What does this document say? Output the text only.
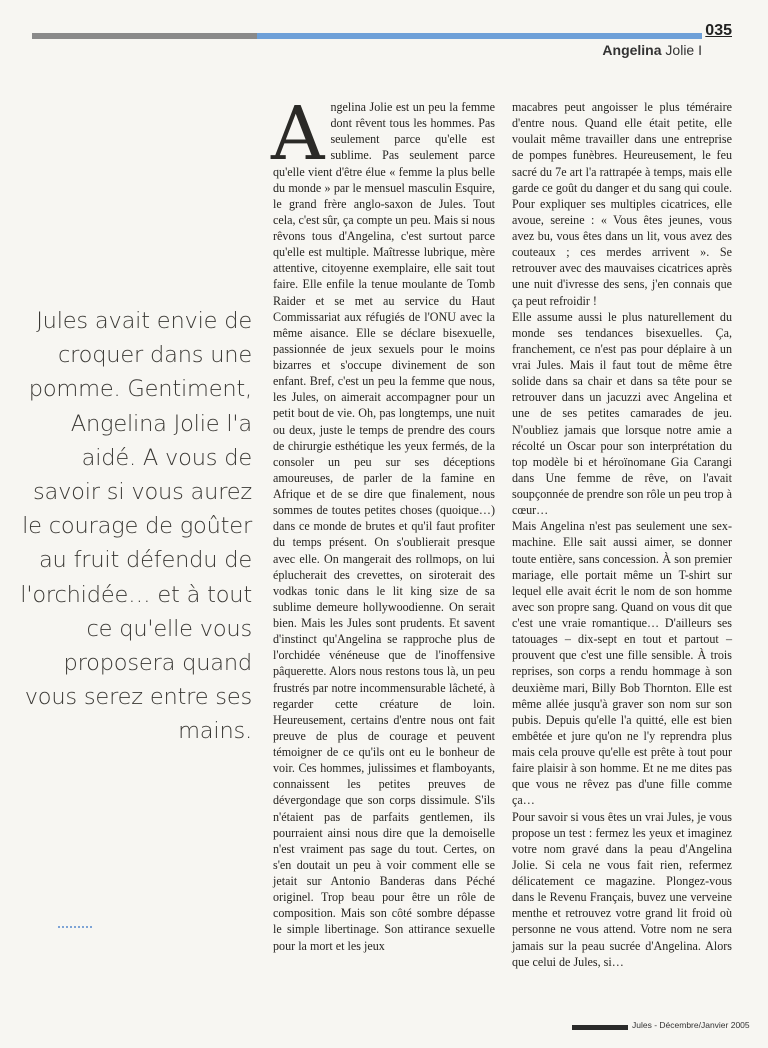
035
Angelina Jolie I
Jules avait envie de croquer dans une pomme. Gentiment, Angelina Jolie l'a aidé. A vous de savoir si vous aurez le courage de goûter au fruit défendu de l'orchidée… et à tout ce qu'elle vous proposera quand vous serez entre ses mains.
A ngelina Jolie est un peu la femme dont rêvent tous les hommes. Pas seulement parce qu'elle est sublime. Pas seulement parce qu'elle vient d'être élue « femme la plus belle du monde » par le mensuel masculin Esquire, le grand frère anglo-saxon de Jules. Tout cela, c'est sûr, ça compte un peu. Mais si nous rêvons tous d'Angelina, c'est surtout parce qu'elle est multiple. Maîtresse lubrique, mère attentive, citoyenne exemplaire, elle sait tout faire. Elle enfile la tenue moulante de Tomb Raider et se met au service du Haut Commissariat aux réfugiés de l'ONU avec la même aisance. Elle se déclare bisexuelle, passionnée de jeux sexuels pour le moins bizarres et s'occupe divinement de son enfant. Bref, c'est un peu la femme que nous, les Jules, on aimerait accompagner pour un petit bout de vie. Oh, pas longtemps, une nuit ou deux, juste le temps de prendre des cours de chirurgie esthétique les yeux fermés, de la consoler un peu sur ses déceptions amoureuses, de parler de la famine en Afrique et de se dire que finalement, nous sommes de toutes petites choses (quoique…) dans ce monde de brutes et qu'il faut profiter du temps présent. On s'oublierait presque avec elle. On mangerait des rollmops, on lui éplucherait des crevettes, on siroterait des vodkas tonic dans le lit king size de sa sublime demeure hollywoodienne. On serait bien. Mais les Jules sont prudents. Et savent d'instinct qu'Angelina se rapproche plus de l'orchidée vénéneuse que de l'inoffensive pâquerette. Alors nous restons tous là, un peu frustrés par notre incommensurable lâcheté, à regarder cette créature de loin. Heureusement, certains d'entre nous ont fait preuve de plus de courage et peuvent témoigner de ce qu'ils ont eu le bonheur de voir. Ces hommes, julissimes et flamboyants, connaissent les petites preuves de dévergondage que son corps dissimule. S'ils n'étaient pas de parfaits gentlemen, ils pourraient ainsi nous dire que la demoiselle n'est vraiment pas sage du tout. Certes, on s'en doutait un peu à voir comment elle se jetait sur Antonio Banderas dans Péché originel. Trop beau pour être un rôle de composition. Mais son côté sombre dépasse le simple libertinage. Son attirance sexuelle pour la mort et les jeux

macabres peut angoisser le plus téméraire d'entre nous. Quand elle était petite, elle voulait même travailler dans une entreprise de pompes funèbres. Heureusement, le feu sacré du 7e art l'a rattrapée à temps, mais elle garde ce goût du danger et du sang qui coule. Pour expliquer ses multiples cicatrices, elle avoue, sereine : « Vous êtes jeunes, vous avez bu, vous êtes dans un lit, vous avez des couteaux ; ces merdes arrivent ». Se retrouver avec des mauvaises cicatrices après une nuit d'ivresse des sens, j'en connais que ça peut refroidir !

Elle assume aussi le plus naturellement du monde ses tendances bisexuelles. Ça, franchement, ce n'est pas pour déplaire à un vrai Jules. Mais il faut tout de même être solide dans sa chair et dans sa tête pour se retrouver dans un jacuzzi avec Angelina et une de ses petites camarades de jeu. N'oubliez jamais que lorsque notre amie a récolté un Oscar pour son interprétation du top modèle bi et héroïnomane Gia Carangi dans Une femme de rêve, on l'avait soupçonnée de prendre son rôle un peu trop à cœur…

Mais Angelina n'est pas seulement une sex-machine. Elle sait aussi aimer, se donner toute entière, sans concession. À son premier mariage, elle portait même un T-shirt sur lequel elle avait écrit le nom de son homme avec son propre sang. Quand on vous dit que c'est une vraie romantique… D'ailleurs ses tatouages – dix-sept en tout et partout – prouvent que c'est une fille sensible. À trois reprises, son corps a rendu hommage à son deuxième mari, Billy Bob Thornton. Elle est même allée jusqu'à graver son nom sur son pubis. Depuis qu'elle l'a quitté, elle est bien embêtée et jure qu'on ne l'y reprendra plus mais cela prouve qu'elle est prête à tout pour faire plaisir à son homme. Et ne me dites pas que vous ne rêvez pas d'une fille comme ça…

Pour savoir si vous êtes un vrai Jules, je vous propose un test : fermez les yeux et imaginez votre nom gravé dans la peau d'Angelina Jolie. Si cela ne vous fait rien, refermez délicatement ce magazine. Plongez-vous dans le Revenu Français, buvez une verveine menthe et retrouvez votre grand lit froid où personne ne vous attend. Votre nom ne sera jamais sur la peau sucrée d'Angelina. Alors que celui de Jules, si…

Jules - Décembre/Janvier 2005
